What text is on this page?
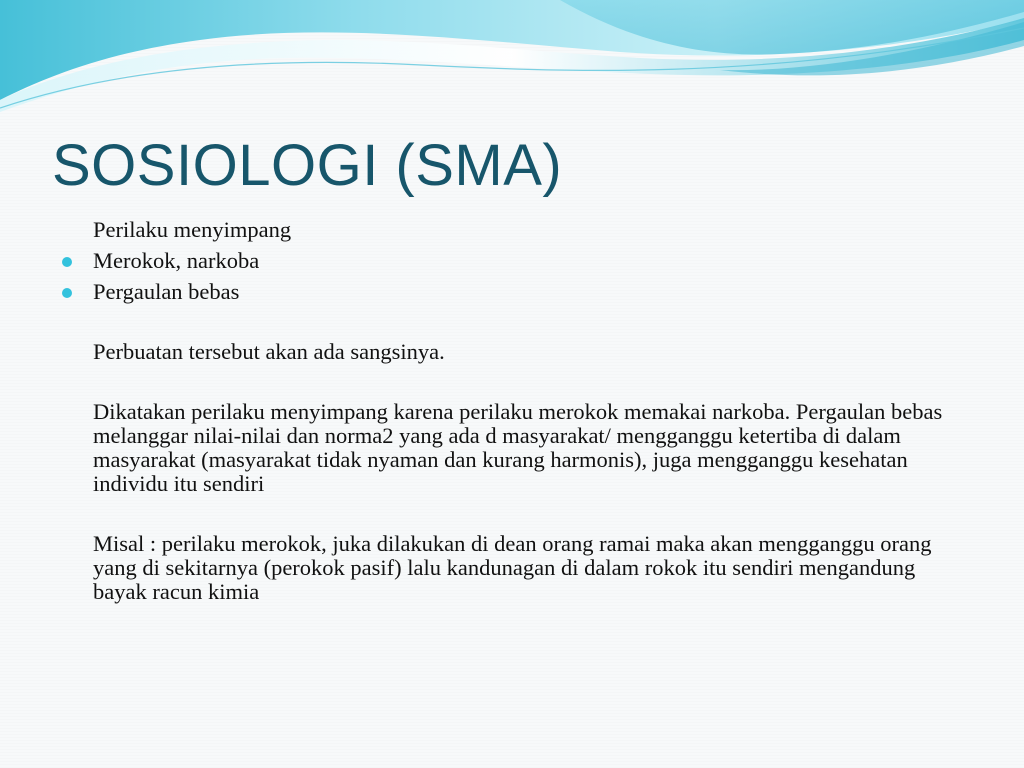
SOSIOLOGI (SMA)

Perilaku menyimpang

Merokok, narkoba
Pergaulan bebas

Perbuatan tersebut akan ada sangsinya.

Dikatakan perilaku menyimpang karena perilaku merokok memakai narkoba. Pergaulan bebas melanggar nilai-nilai dan norma2 yang ada d masyarakat/ mengganggu ketertiba di dalam masyarakat (masyarakat tidak nyaman dan kurang harmonis), juga mengganggu kesehatan individu itu sendiri

Misal : perilaku merokok, juka dilakukan di dean orang ramai maka akan mengganggu orang yang di sekitarnya (perokok pasif) lalu kandunagan di dalam rokok itu sendiri mengandung bayak racun kimia
